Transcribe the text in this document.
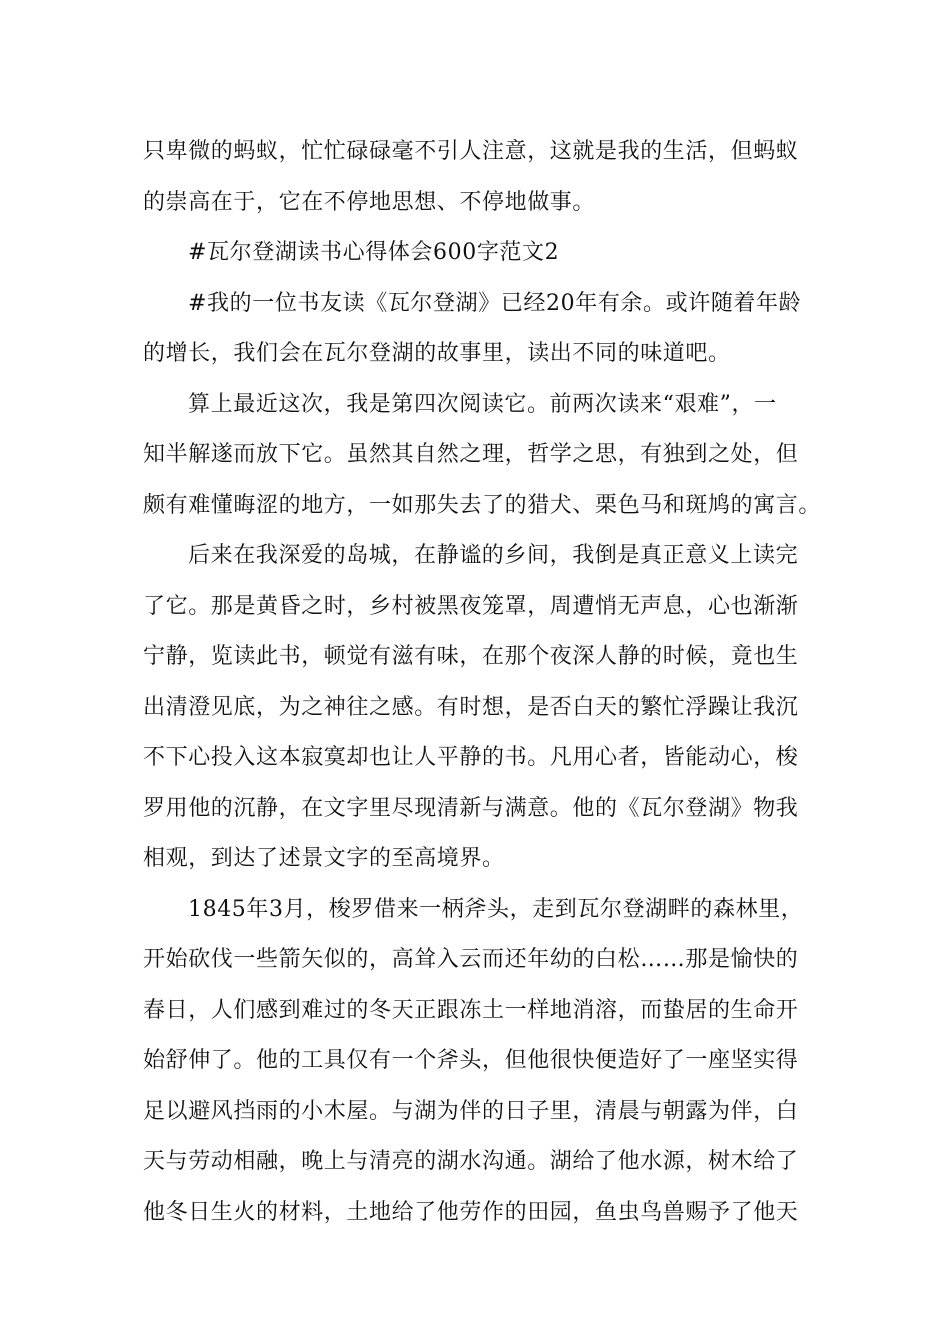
只卑微的蚂蚁，忙忙碌碌毫不引人注意，这就是我的生活，但蚂蚁
的崇高在于，它在不停地思想、不停地做事。
#瓦尔登湖读书心得体会600字范文2
#我的一位书友读《瓦尔登湖》已经20年有余。或许随着年龄
的增长，我们会在瓦尔登湖的故事里，读出不同的味道吧。
算上最近这次，我是第四次阅读它。前两次读来“艰难”，一
知半解遂而放下它。虽然其自然之理，哲学之思，有独到之处，但
颇有难懂晦涩的地方，一如那失去了的猎犬、栗色马和斑鸠的寓言。
后来在我深爱的岛城，在静谧的乡间，我倒是真正意义上读完
了它。那是黄昏之时，乡村被黑夜笼罩，周遭悄无声息，心也渐渐
宁静，览读此书，顿觉有滋有味，在那个夜深人静的时候，竟也生
出清澄见底，为之神往之感。有时想，是否白天的繁忙浮躁让我沉
不下心投入这本寂寞却也让人平静的书。凡用心者，皆能动心，梭
罗用他的沉静，在文字里尽现清新与满意。他的《瓦尔登湖》物我
相观，到达了述景文字的至高境界。
1845年3月，梭罗借来一柄斧头，走到瓦尔登湖畔的森林里，
开始砍伐一些箭矢似的，高耸入云而还年幼的白松……那是愉快的
春日，人们感到难过的冬天正跟冻土一样地消溶，而蛰居的生命开
始舒伸了。他的工具仅有一个斧头，但他很快便造好了一座坚实得
足以避风挡雨的小木屋。与湖为伴的日子里，清晨与朝露为伴，白
天与劳动相融，晚上与清亮的湖水沟通。湖给了他水源，树木给了
他冬日生火的材料，土地给了他劳作的田园，鱼虫鸟兽赐予了他天
